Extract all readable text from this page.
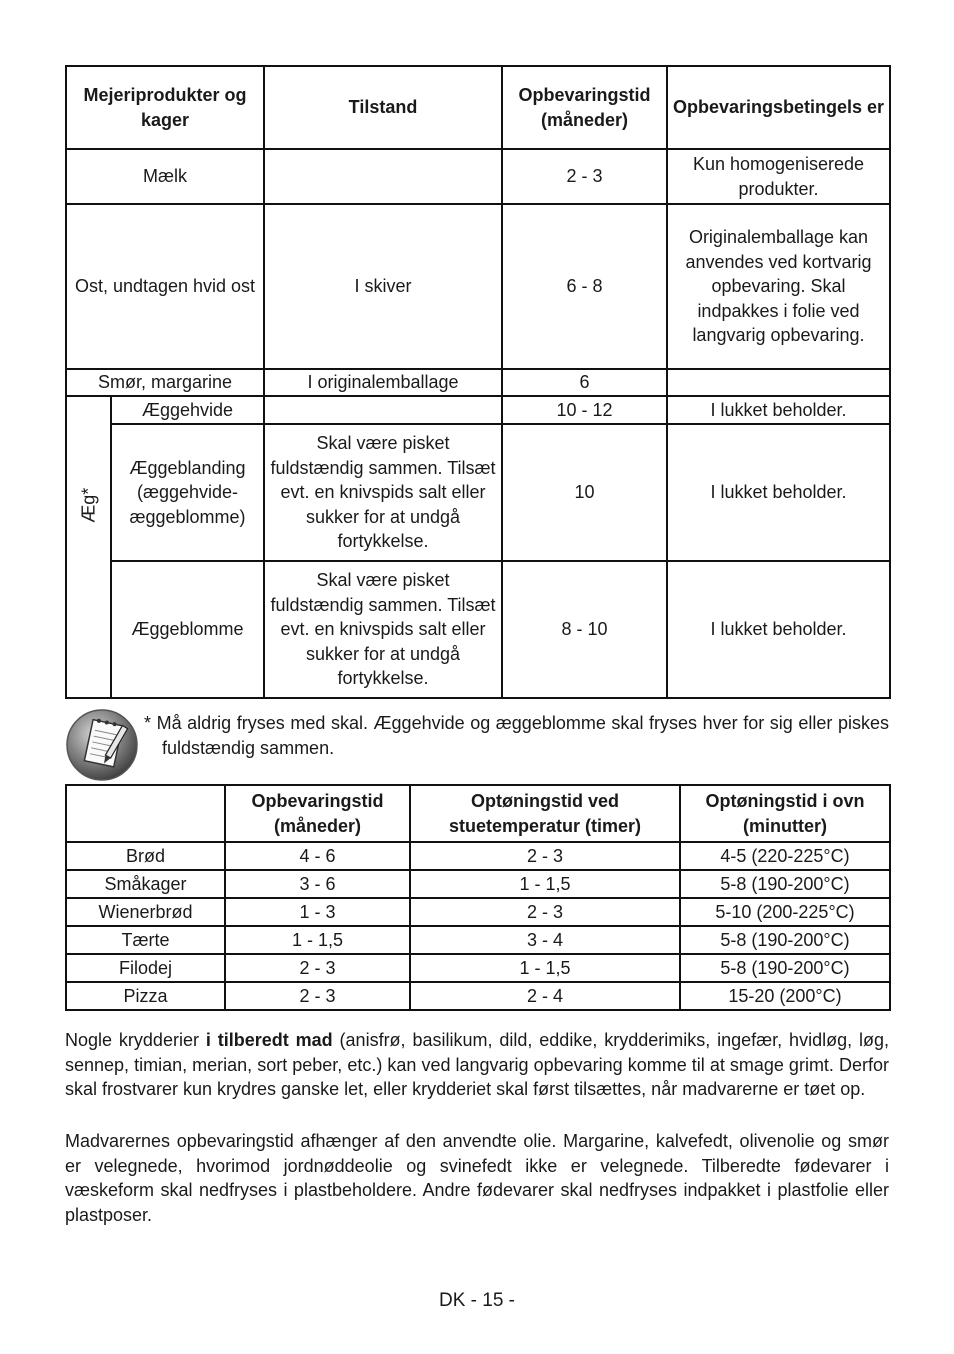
Mejeriprodukter og kager		Tilstand	Opbevaringstid (måneder)	Opbevaringsbetingels er
Mælk			2 - 3	Kun homogeniserede produkter.
Ost, undtagen hvid ost		I skiver	6 - 8	Originalemballage kan anvendes ved kortvarig opbevaring. Skal indpakkes i folie ved langvarig opbevaring.
Smør, margarine		I originalemballage	6	
Æg*	Æggehvide		10 - 12	I lukket beholder.
	Æggeblanding (æggehvide-æggeblomme)	Skal være pisket fuldstændig sammen. Tilsæt evt. en knivspids salt eller sukker for at undgå fortykkelse.	10	I lukket beholder.
	Æggeblomme	Skal være pisket fuldstændig sammen. Tilsæt evt. en knivspids salt eller sukker for at undgå fortykkelse.	8 - 10	I lukket beholder.
* Må aldrig fryses med skal. Æggehvide og æggeblomme skal fryses hver for sig eller piskes fuldstændig sammen.
	Opbevaringstid (måneder)	Optøningstid ved stuetemperatur (timer)	Optøningstid i ovn (minutter)
Brød	4 - 6	2 - 3	4-5 (220-225°C)
Småkager	3 - 6	1 - 1,5	5-8 (190-200°C)
Wienerbrød	1 - 3	2 - 3	5-10 (200-225°C)
Tærte	1 - 1,5	3 - 4	5-8 (190-200°C)
Filodej	2 - 3	1 - 1,5	5-8 (190-200°C)
Pizza	2 - 3	2 - 4	15-20 (200°C)

Nogle krydderier i tilberedt mad (anisfrø, basilikum, dild, eddike, krydderimiks, ingefær, hvidløg, løg, sennep, timian, merian, sort peber, etc.) kan ved langvarig opbevaring komme til at smage grimt. Derfor skal frostvarer kun krydres ganske let, eller krydderiet skal først tilsættes, når madvarerne er tøet op.

Madvarernes opbevaringstid afhænger af den anvendte olie. Margarine, kalvefedt, olivenolie og smør er velegnede, hvorimod jordnøddeolie og svinefedt ikke er velegnede. Tilberedte fødevarer i væskeform skal nedfryses i plastbeholdere. Andre fødevarer skal nedfryses indpakket i plastfolie eller plastposer.

DK - 15 -
